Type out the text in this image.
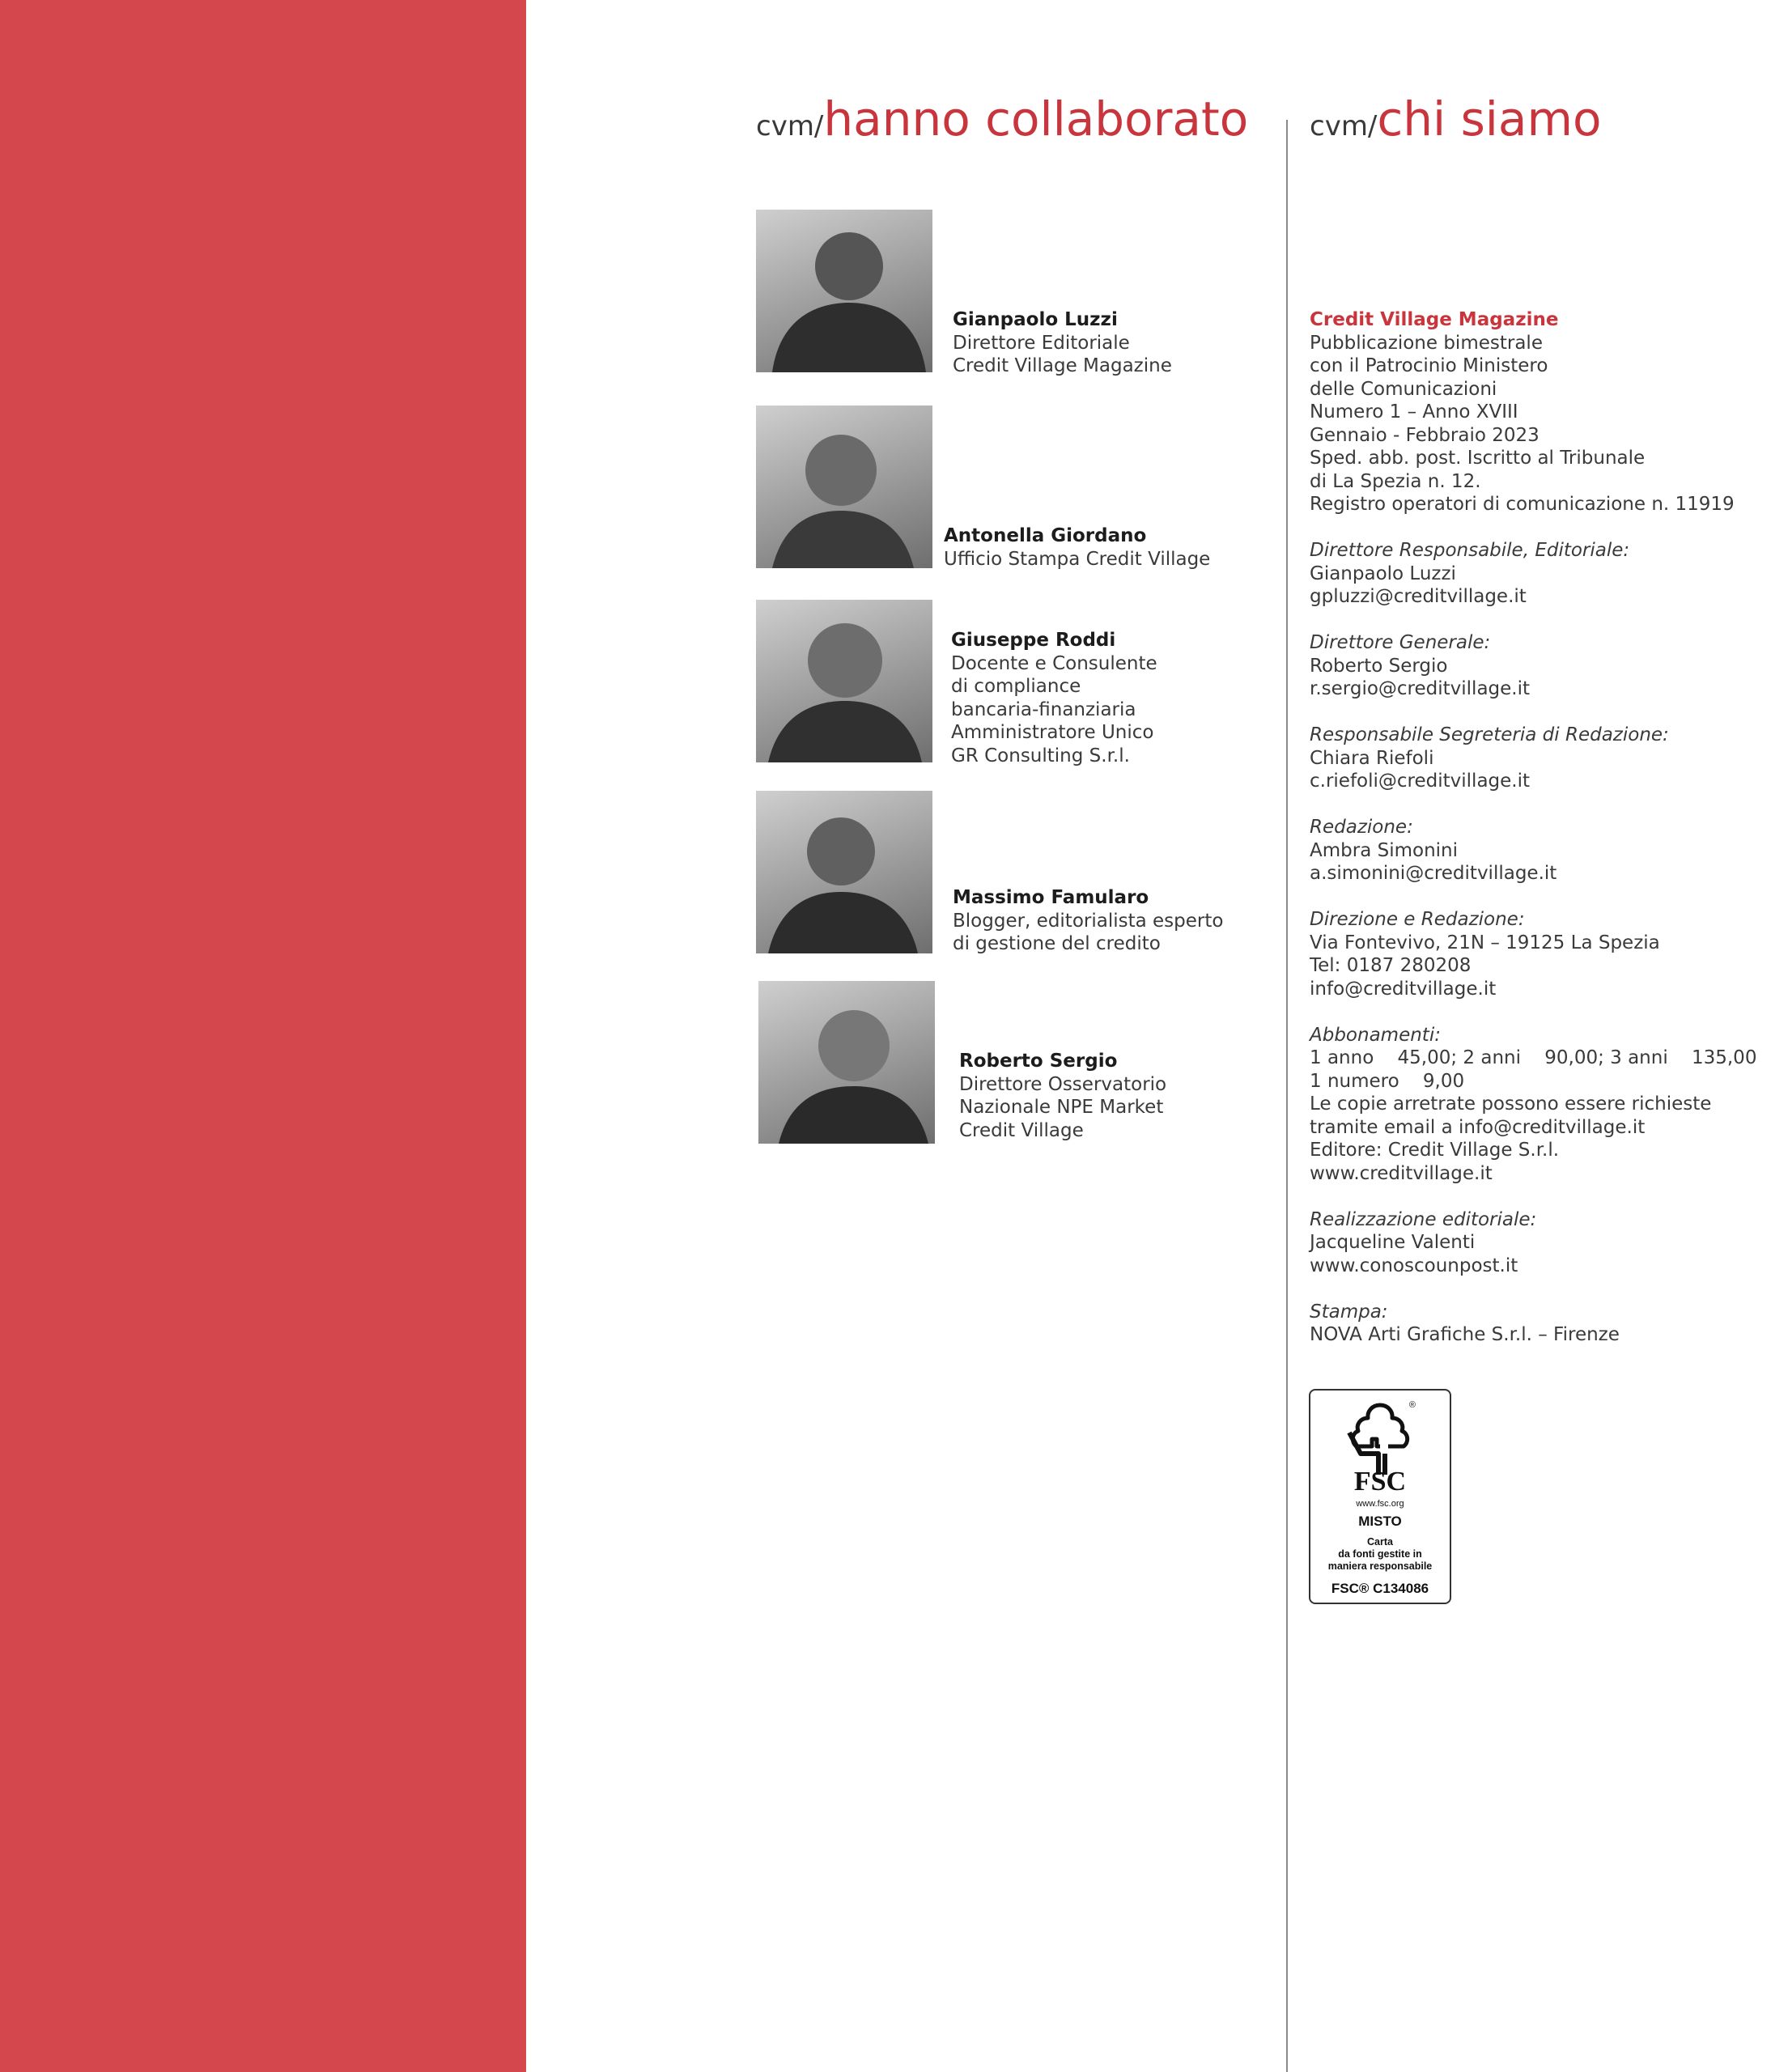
cvm/hanno collaborato cvm/chi siamo
Gianpaolo Luzzi
Direttore Editoriale
Credit Village Magazine
Antonella Giordano
Ufficio Stampa Credit Village
Giuseppe Roddi
Docente e Consulente
di compliance
bancaria-finanziaria
Amministratore Unico
GR Consulting S.r.l.
Massimo Famularo
Blogger, editorialista esperto
di gestione del credito
Roberto Sergio
Direttore Osservatorio
Nazionale NPE Market
Credit Village
Credit Village Magazine
Pubblicazione bimestrale
con il Patrocinio Ministero
delle Comunicazioni
Numero 1 – Anno XVIII
Gennaio - Febbraio 2023
Sped. abb. post. Iscritto al Tribunale
di La Spezia n. 12.
Registro operatori di comunicazione n. 11919
Direttore Responsabile, Editoriale:
Gianpaolo Luzzi
gpluzzi@creditvillage.it
Direttore Generale:
Roberto Sergio
r.sergio@creditvillage.it
Responsabile Segreteria di Redazione:
Chiara Riefoli
c.riefoli@creditvillage.it
Redazione:
Ambra Simonini
a.simonini@creditvillage.it
Direzione e Redazione:
Via Fontevivo, 21N – 19125 La Spezia
Tel: 0187 280208
info@creditvillage.it
Abbonamenti:
1 anno    45,00; 2 anni    90,00; 3 anni    135,00
1 numero    9,00
Le copie arretrate possono essere richieste
tramite email a info@creditvillage.it
Editore: Credit Village S.r.l.
www.creditvillage.it
Realizzazione editoriale:
Jacqueline Valenti
www.conoscounpost.it
Stampa:
NOVA Arti Grafiche S.r.l. – Firenze
®
FSC
www.fsc.org
MISTO
Carta
da fonti gestite in
maniera responsabile
FSC® C134086
